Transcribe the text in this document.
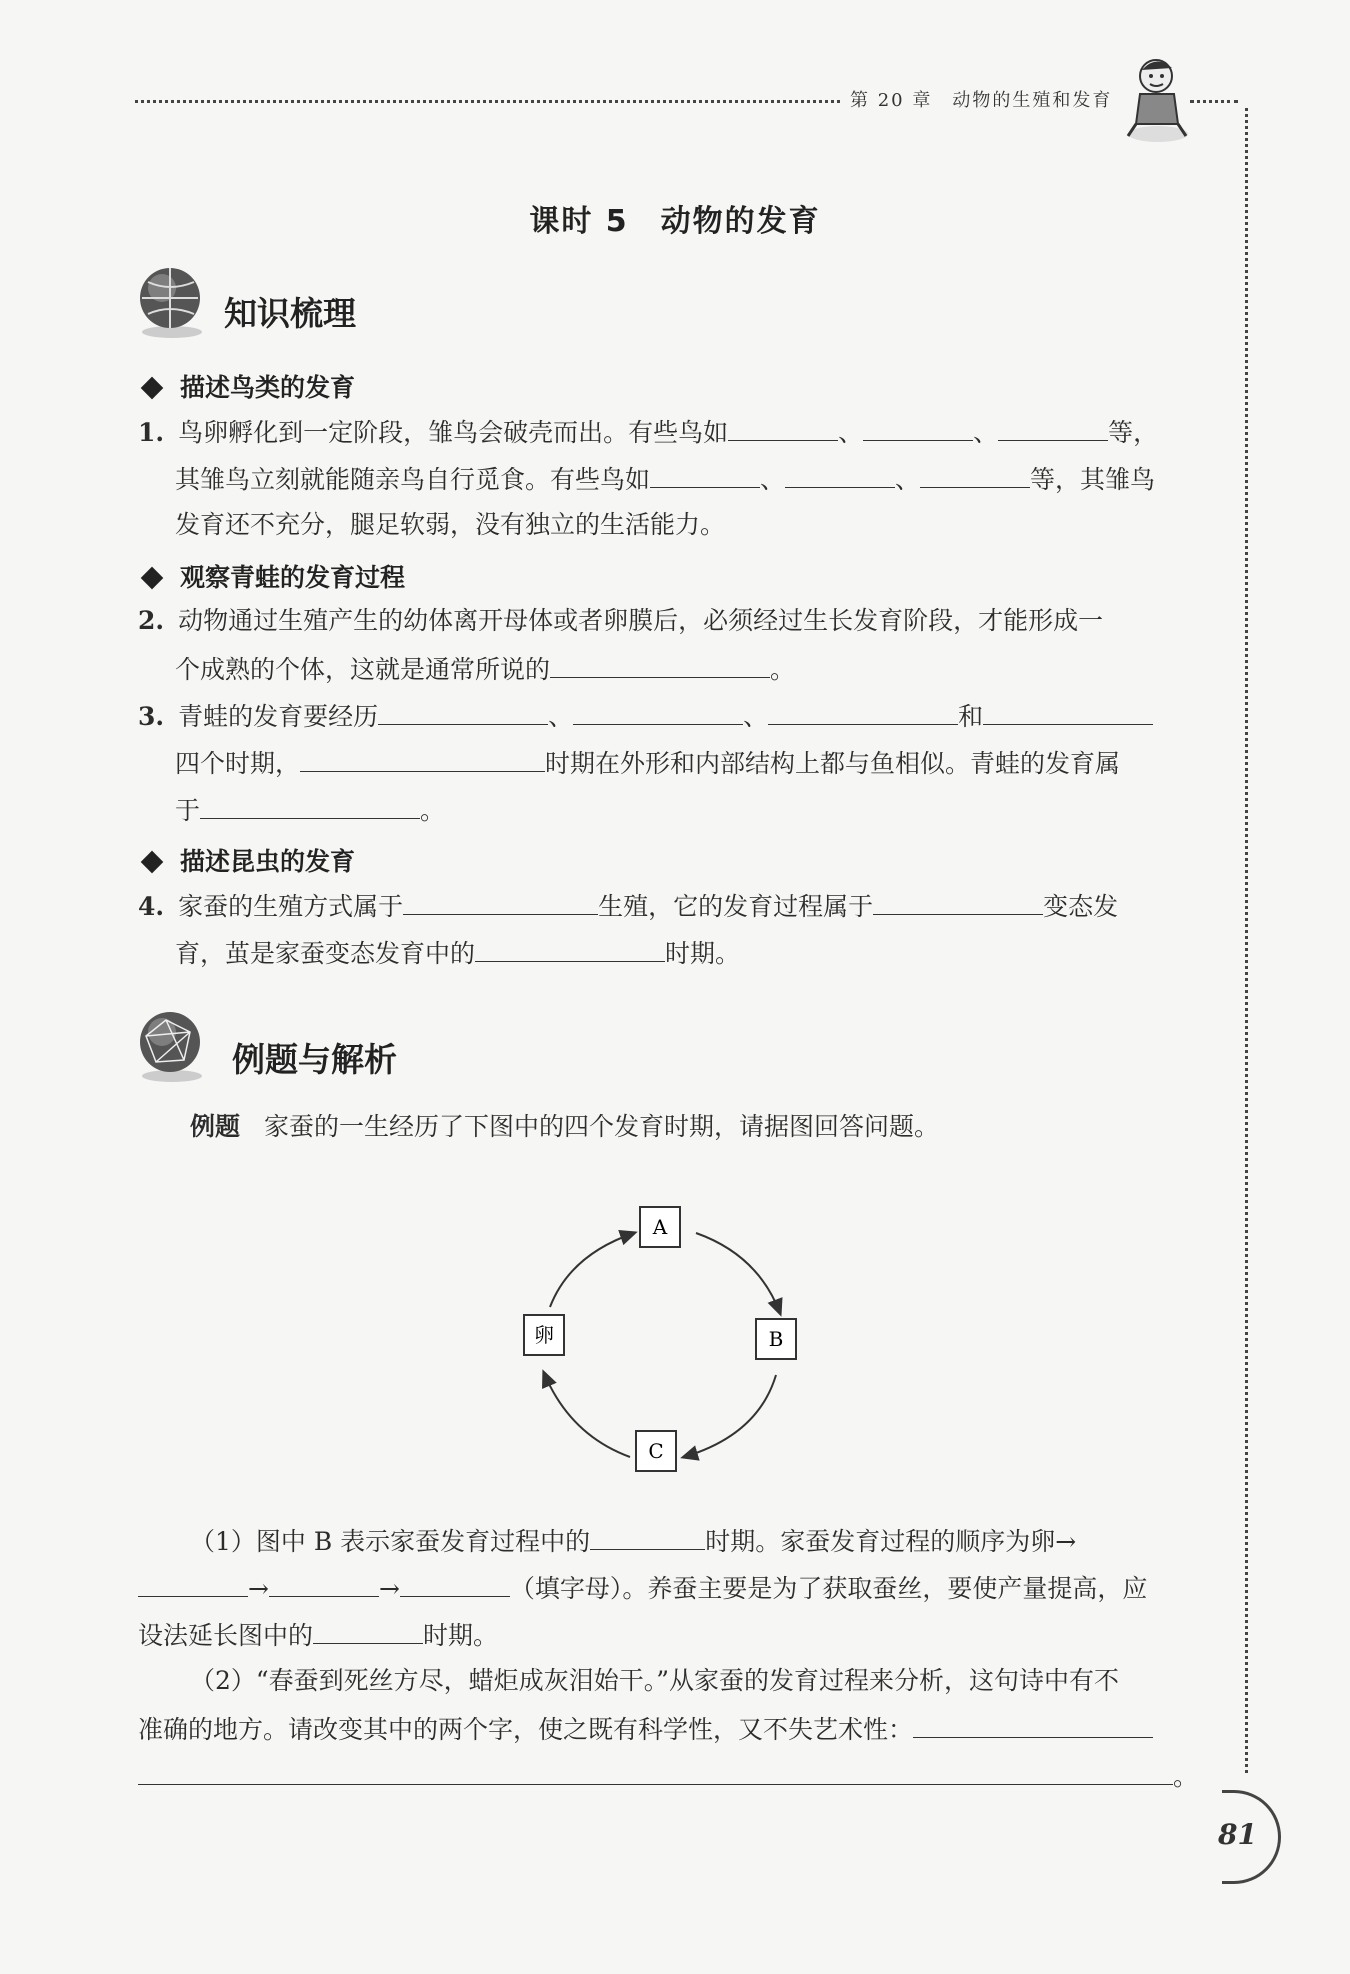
第 20 章　动物的生殖和发育
课时 5　动物的发育
知识梳理
描述鸟类的发育
1. 鸟卵孵化到一定阶段，雏鸟会破壳而出。有些鸟如	、	、	等，
其雏鸟立刻就能随亲鸟自行觅食。有些鸟如	、	、	等，其雏鸟
发育还不充分，腿足软弱，没有独立的生活能力。
观察青蛙的发育过程
2. 动物通过生殖产生的幼体离开母体或者卵膜后，必须经过生长发育阶段，才能形成一
个成熟的个体，这就是通常所说的	。
3. 青蛙的发育要经历	、	、	和
四个时期，	时期在外形和内部结构上都与鱼相似。青蛙的发育属
于	。
描述昆虫的发育
4. 家蚕的生殖方式属于	生殖，它的发育过程属于	变态发
育，茧是家蚕变态发育中的	时期。
例题与解析
例题 家蚕的一生经历了下图中的四个发育时期，请据图回答问题。
A
B
C
卵
（1）图中 B 表示家蚕发育过程中的	时期。家蚕发育过程的顺序为卵→
→	→	（填字母）。养蚕主要是为了获取蚕丝，要使产量提高，应
设法延长图中的	时期。
（2）“春蚕到死丝方尽，蜡炬成灰泪始干。”从家蚕的发育过程来分析，这句诗中有不
准确的地方。请改变其中的两个字，使之既有科学性，又不失艺术性：
。
81
